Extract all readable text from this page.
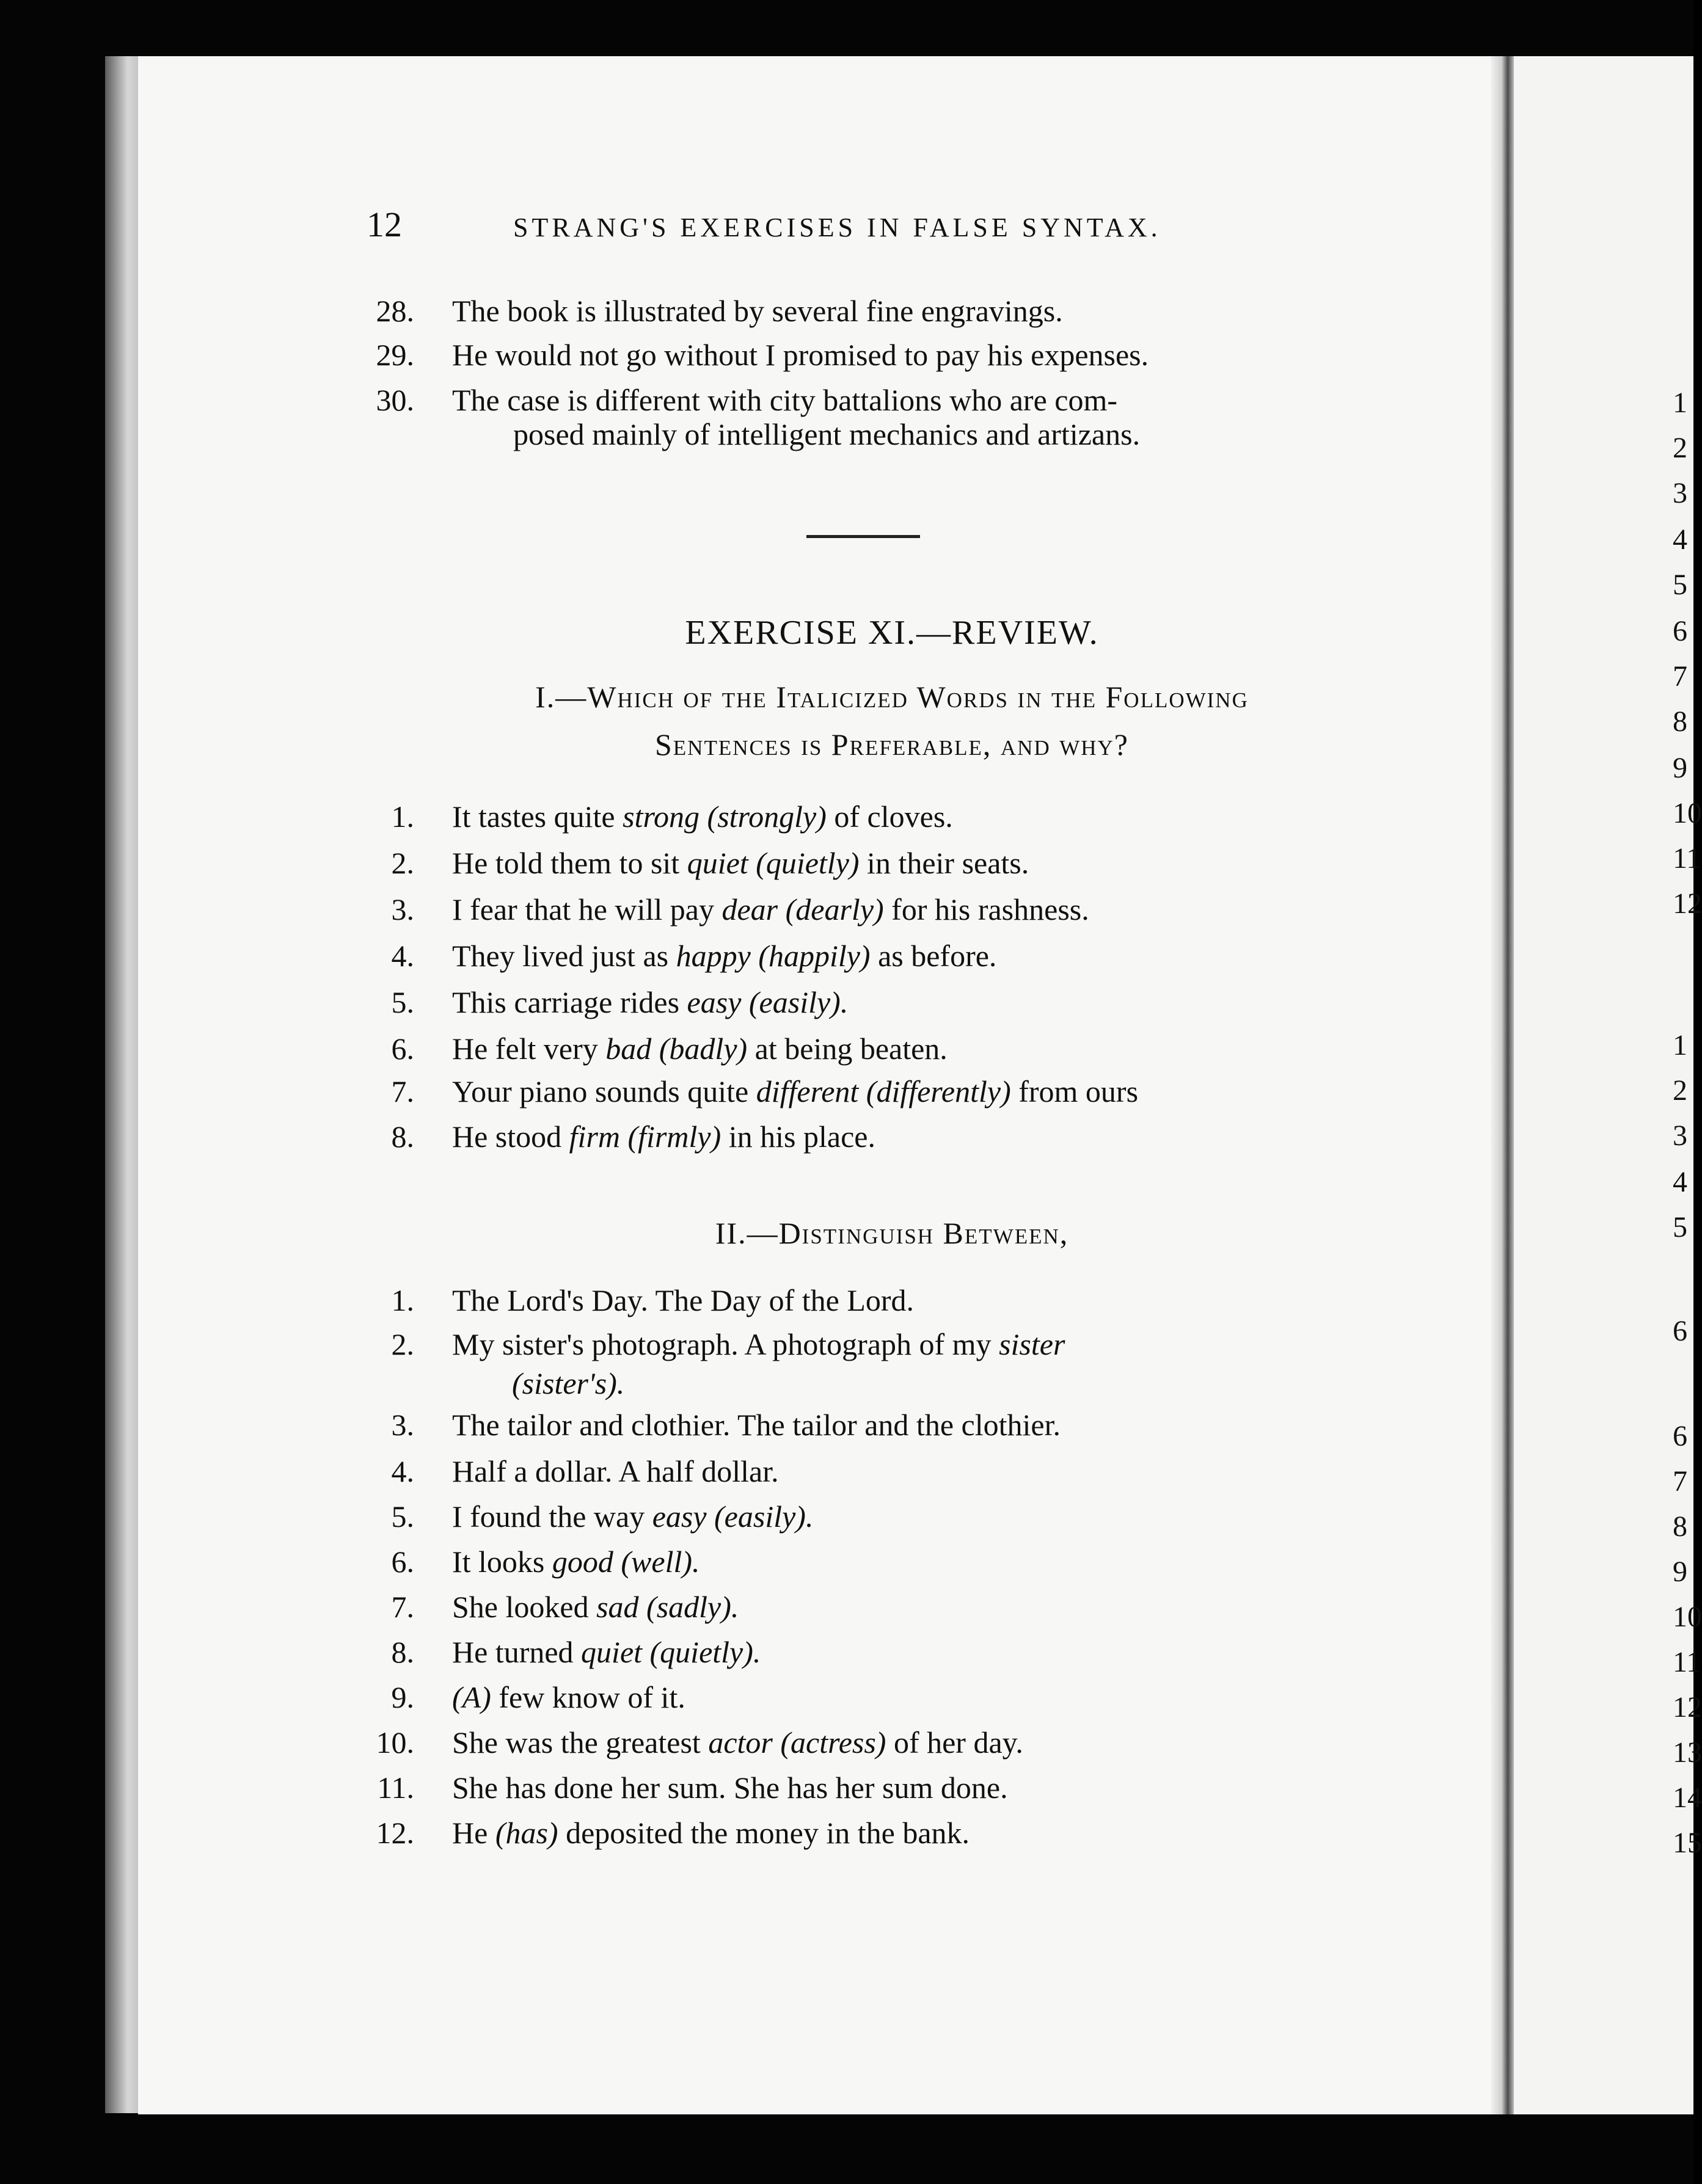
12	STRANG'S EXERCISES IN FALSE SYNTAX.
28. The book is illustrated by several fine engravings.
29. He would not go without I promised to pay his expenses.
30. The case is different with city battalions who are com-
posed mainly of intelligent mechanics and artizans.
EXERCISE XI.—REVIEW.
I.—Which of the Italicized Words in the Following
Sentences is Preferable, and why?
1. It tastes quite strong (strongly) of cloves.
2. He told them to sit quiet (quietly) in their seats.
3. I fear that he will pay dear (dearly) for his rashness.
4. They lived just as happy (happily) as before.
5. This carriage rides easy (easily).
6. He felt very bad (badly) at being beaten.
7. Your piano sounds quite different (differently) from ours
8. He stood firm (firmly) in his place.
II.—Distinguish Between,
1. The Lord's Day. The Day of the Lord.
2. My sister's photograph. A photograph of my sister
(sister's).
3. The tailor and clothier. The tailor and the clothier.
4. Half a dollar. A half dollar.
5. I found the way easy (easily).
6. It looks good (well).
7. She looked sad (sadly).
8. He turned quiet (quietly).
9. (A) few know of it.
10. She was the greatest actor (actress) of her day.
11. She has done her sum. She has her sum done.
12. He (has) deposited the money in the bank.
1
2
3
4
5
6
7
8
9
10
11
12
1
2
3
4
5
6
6
7
8
9
10
11
12
13
14
15
